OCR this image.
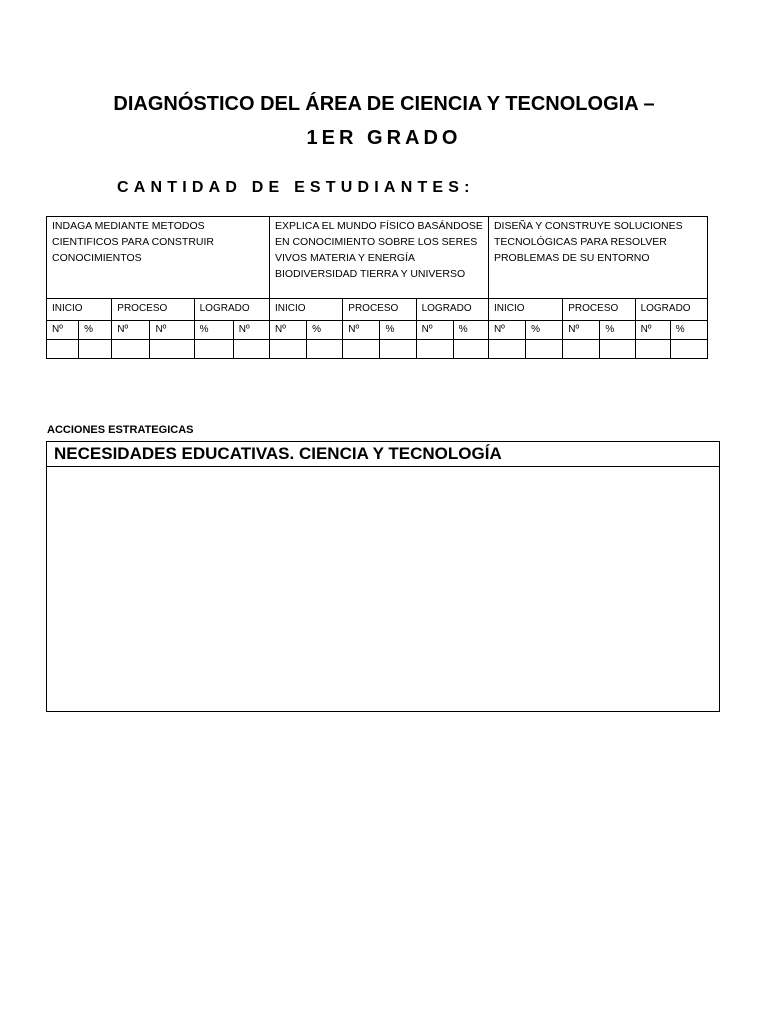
DIAGNÓSTICO DEL ÁREA DE CIENCIA Y TECNOLOGIA –
1ER GRADO
CANTIDAD DE ESTUDIANTES:
INDAGA MEDIANTE METODOS CIENTIFICOS PARA CONSTRUIR CONOCIMIENTOS						EXPLICA EL MUNDO FÍSICO BASÁNDOSE EN CONOCIMIENTO SOBRE LOS SERES VIVOS MATERIA Y ENERGÍA BIODIVERSIDAD TIERRA Y UNIVERSO						DISEÑA Y CONSTRUYE SOLUCIONES TECNOLÓGICAS PARA RESOLVER PROBLEMAS DE SU ENTORNO					
INICIO		PROCESO		LOGRADO		INICIO		PROCESO		LOGRADO		INICIO		PROCESO		LOGRADO	
Nº	%	Nº	Nº	%	Nº	Nº	%	Nº	%	Nº	%	Nº	%	Nº	%	Nº	%

ACCIONES ESTRATEGICAS
NECESIDADES EDUCATIVAS. CIENCIA Y TECNOLOGÍA
